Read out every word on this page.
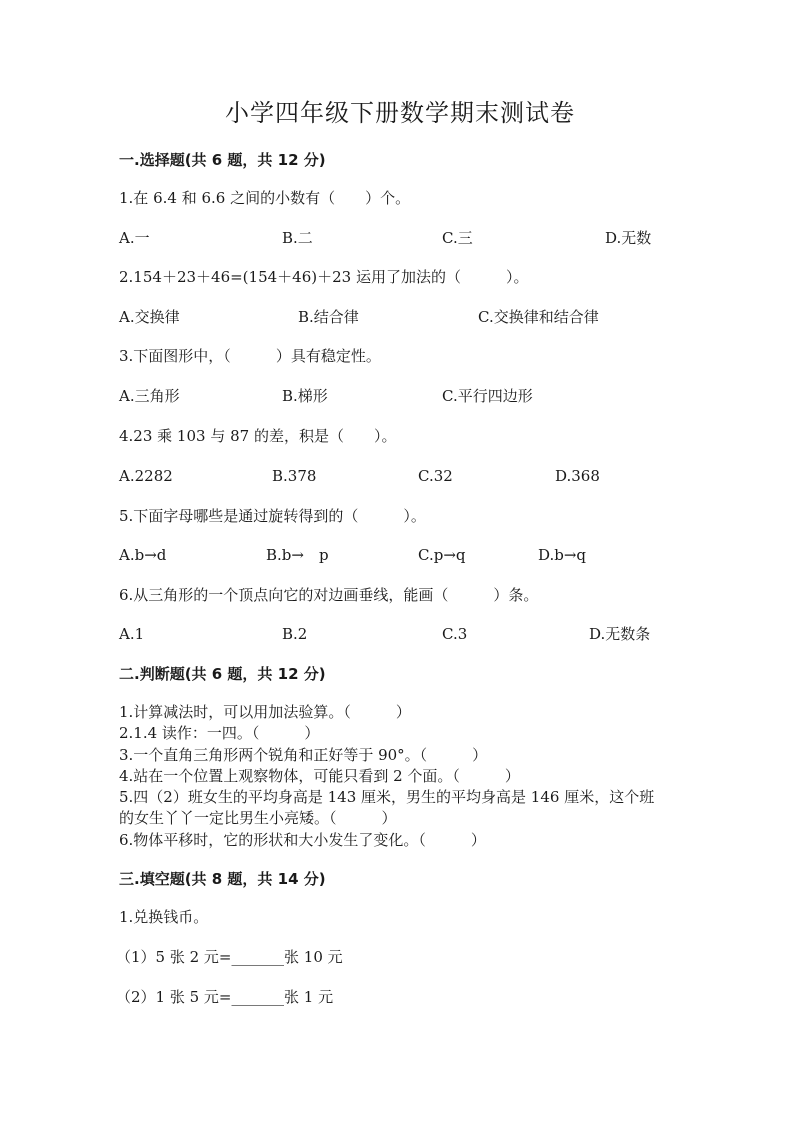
小学四年级下册数学期末测试卷
一.选择题(共 6 题，共 12 分)
1.在 6.4 和 6.6 之间的小数有（　　）个。
A.一	B.二	C.三	D.无数
2.154＋23＋46=(154＋46)＋23 运用了加法的（　　　）。
A.交换律	B.结合律	C.交换律和结合律
3.下面图形中，（　　　）具有稳定性。
A.三角形	B.梯形	C.平行四边形
4.23 乘 103 与 87 的差，积是（　　）。
A.2282	B.378	C.32	D.368
5.下面字母哪些是通过旋转得到的（　　　）。
A.b→d	B.b→　p	C.p→q	D.b→q
6.从三角形的一个顶点向它的对边画垂线，能画（　　　）条。
A.1	B.2	C.3	D.无数条
二.判断题(共 6 题，共 12 分)
1.计算减法时，可以用加法验算。（　　　）
2.1.4 读作：一四。（　　　）
3.一个直角三角形两个锐角和正好等于 90°。（　　　）
4.站在一个位置上观察物体，可能只看到 2 个面。（　　　）
5.四（2）班女生的平均身高是 143 厘米，男生的平均身高是 146 厘米，这个班
的女生丫丫一定比男生小亮矮。（　　　）
6.物体平移时，它的形状和大小发生了变化。（　　　）
三.填空题(共 8 题，共 14 分)
1.兑换钱币。
（1）5 张 2 元=_______张 10 元
（2）1 张 5 元=_______张 1 元
